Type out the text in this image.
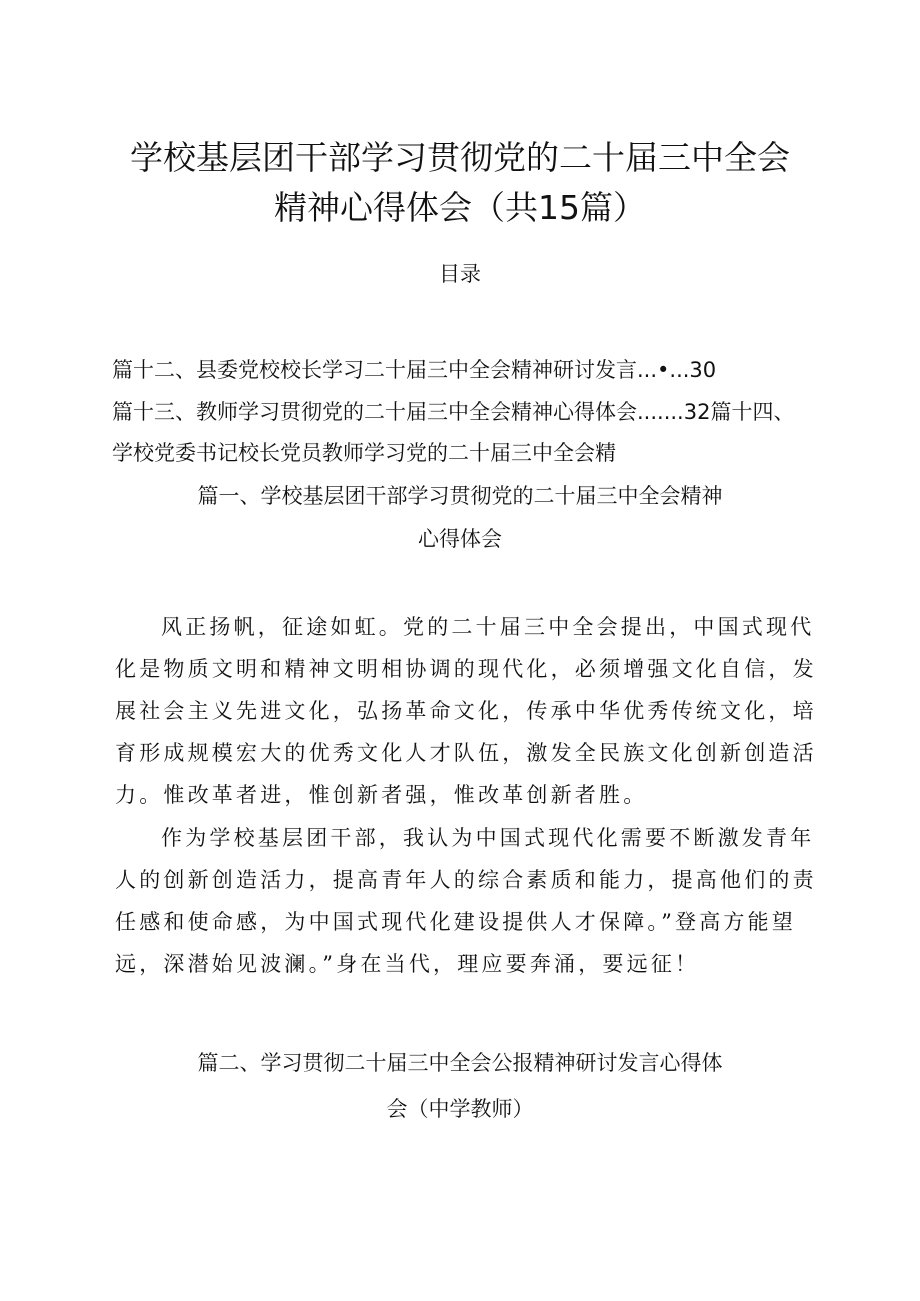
学校基层团干部学习贯彻党的二十届三中全会
精神心得体会（共15篇）
目录
篇十二、县委党校校长学习二十届三中全会精神研讨发言...•...30
篇十三、教师学习贯彻党的二十届三中全会精神心得体会.......32篇十四、
学校党委书记校长党员教师学习党的二十届三中全会精
篇一、学校基层团干部学习贯彻党的二十届三中全会精神
心得体会

风正扬帆，征途如虹。党的二十届三中全会提出，中国式现代化是物质文明和精神文明相协调的现代化，必须增强文化自信，发展社会主义先进文化，弘扬革命文化，传承中华优秀传统文化，培育形成规模宏大的优秀文化人才队伍，激发全民族文化创新创造活力。惟改革者进，惟创新者强，惟改革创新者胜。

作为学校基层团干部，我认为中国式现代化需要不断激发青年人的创新创造活力，提高青年人的综合素质和能力，提高他们的责任感和使命感，为中国式现代化建设提供人才保障。”登高方能望远，深潜始见波澜。”身在当代，理应要奔涌，要远征！

篇二、学习贯彻二十届三中全会公报精神研讨发言心得体
会（中学教师）
